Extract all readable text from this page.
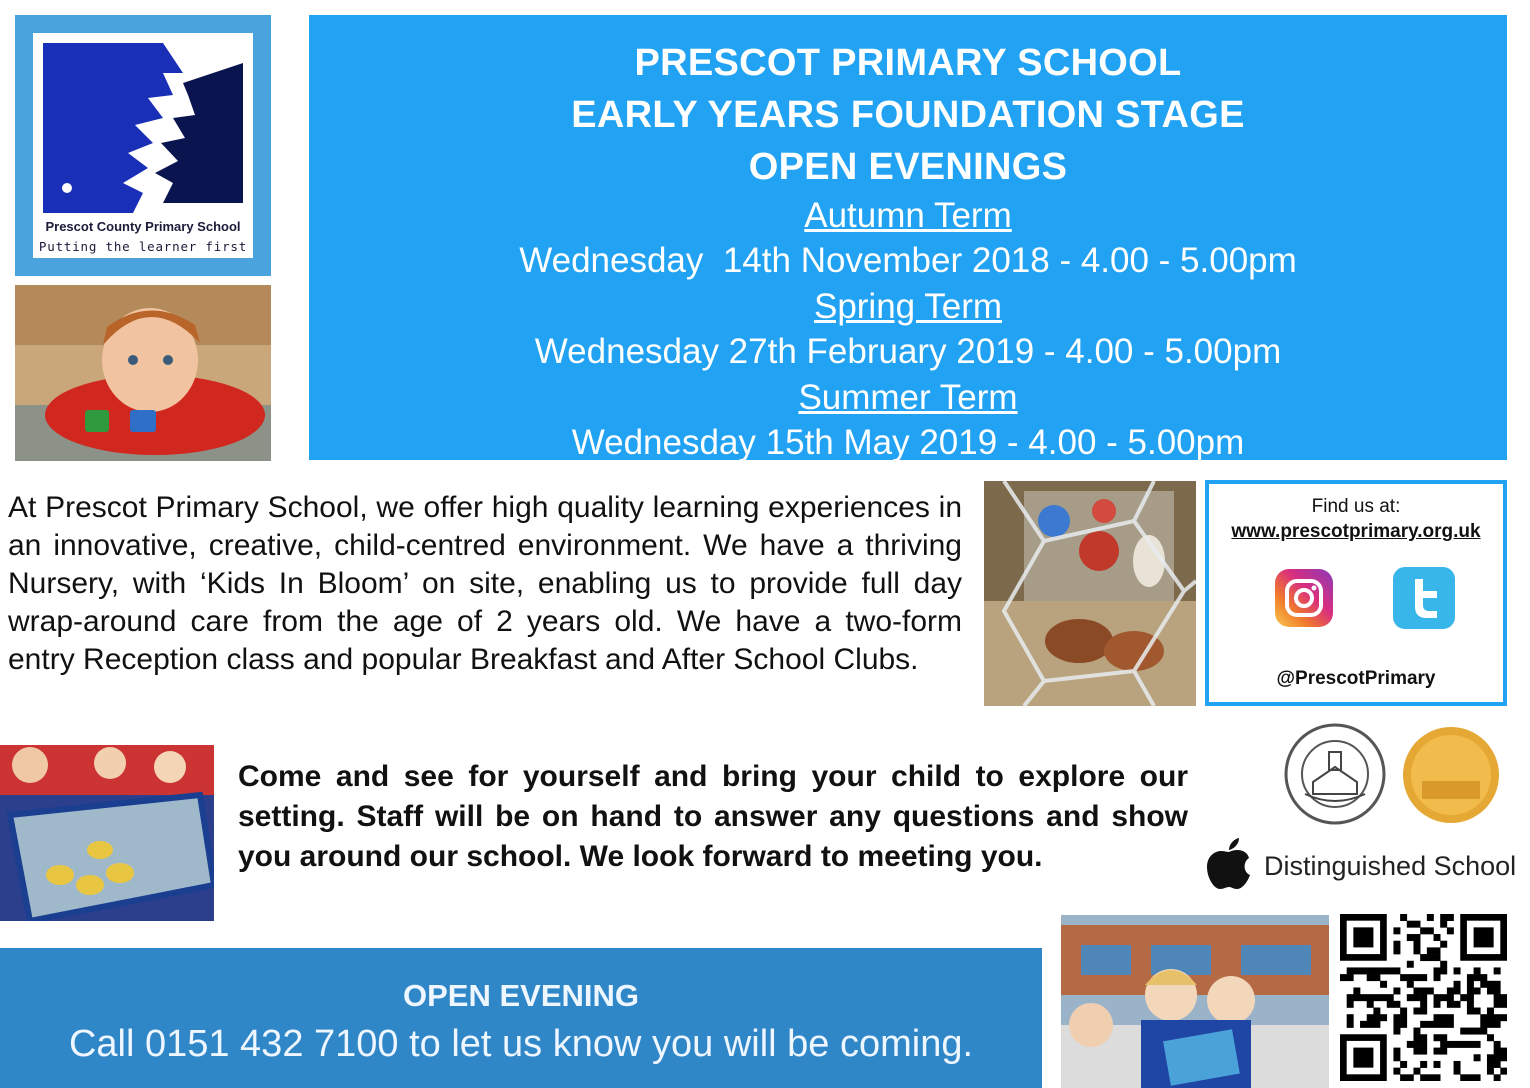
Prescot County Primary School
Putting the learner first
PRESCOT PRIMARY SCHOOL
EARLY YEARS FOUNDATION STAGE
OPEN EVENINGS
Autumn Term
Wednesday  14th November 2018 - 4.00 - 5.00pm
Spring Term
Wednesday 27th February 2019 - 4.00 - 5.00pm
Summer Term
Wednesday 15th May 2019 - 4.00 - 5.00pm
At Prescot Primary School, we offer high quality learning experiences in an innovative, creative, child-centred environment. We have a thriving Nursery, with ‘Kids In Bloom’ on site, enabling us to provide full day wrap-around care from the age of 2 years old. We have a two-form entry Reception class and popular Breakfast and After School Clubs.
Find us at:
www.prescotprimary.org.uk
@PrescotPrimary
Come and see for yourself and bring your child to explore our setting. Staff will be on hand to answer any questions and show you around our school. We look forward to meeting you.	Distinguished School
OPEN EVENING
Call 0151 432 7100 to let us know you will be coming.
